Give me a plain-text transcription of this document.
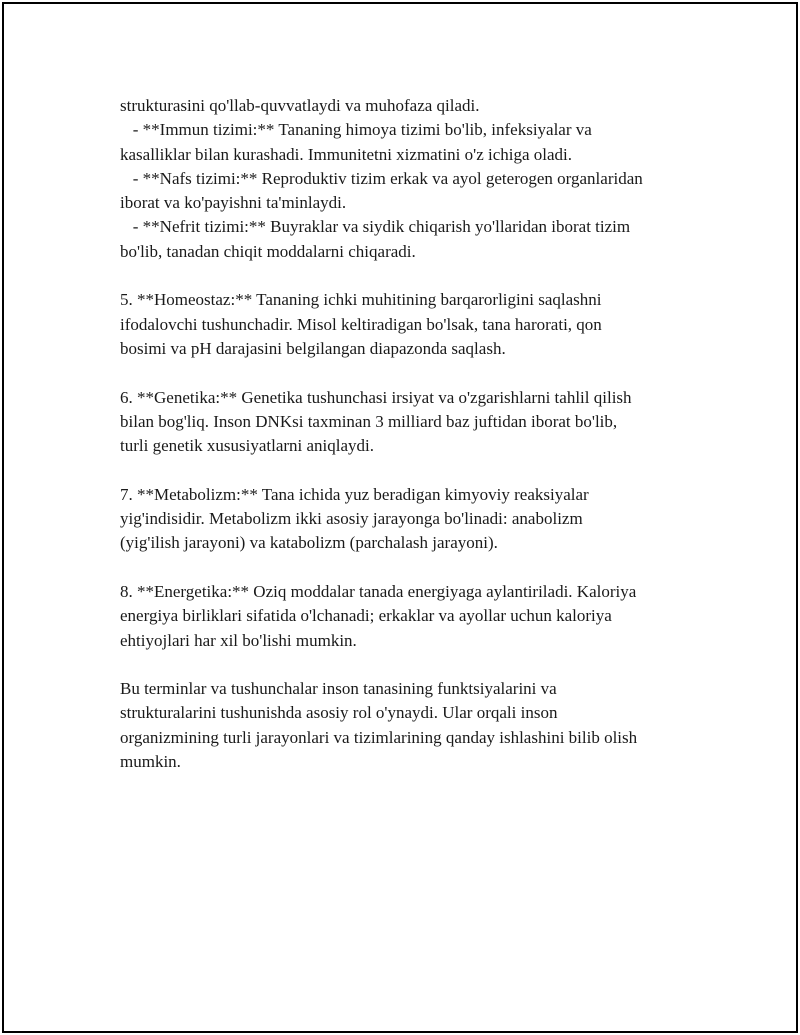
strukturasini qo'llab-quvvatlaydi va muhofaza qiladi.
- **Immun tizimi:** Tananing himoya tizimi bo'lib, infeksiyalar va
kasalliklar bilan kurashadi. Immunitetni xizmatini o'z ichiga oladi.
- **Nafs tizimi:** Reproduktiv tizim erkak va ayol geterogen organlaridan
iborat va ko'payishni ta'minlaydi.
- **Nefrit tizimi:** Buyraklar va siydik chiqarish yo'llaridan iborat tizim
bo'lib, tanadan chiqit moddalarni chiqaradi.
5. **Homeostaz:** Tananing ichki muhitining barqarorligini saqlashni
ifodalovchi tushunchadir. Misol keltiradigan bo'lsak, tana harorati, qon
bosimi va pH darajasini belgilangan diapazonda saqlash.
6. **Genetika:** Genetika tushunchasi irsiyat va o'zgarishlarni tahlil qilish
bilan bog'liq. Inson DNKsi taxminan 3 milliard baz juftidan iborat bo'lib,
turli genetik xususiyatlarni aniqlaydi.
7. **Metabolizm:** Tana ichida yuz beradigan kimyoviy reaksiyalar
yig'indisidir. Metabolizm ikki asosiy jarayonga bo'linadi: anabolizm
(yig'ilish jarayoni) va katabolizm (parchalash jarayoni).
8. **Energetika:** Oziq moddalar tanada energiyaga aylantiriladi. Kaloriya
energiya birliklari sifatida o'lchanadi; erkaklar va ayollar uchun kaloriya
ehtiyojlari har xil bo'lishi mumkin.
Bu terminlar va tushunchalar inson tanasining funktsiyalarini va
strukturalarini tushunishda asosiy rol o'ynaydi. Ular orqali inson
organizmining turli jarayonlari va tizimlarining qanday ishlashini bilib olish
mumkin.
